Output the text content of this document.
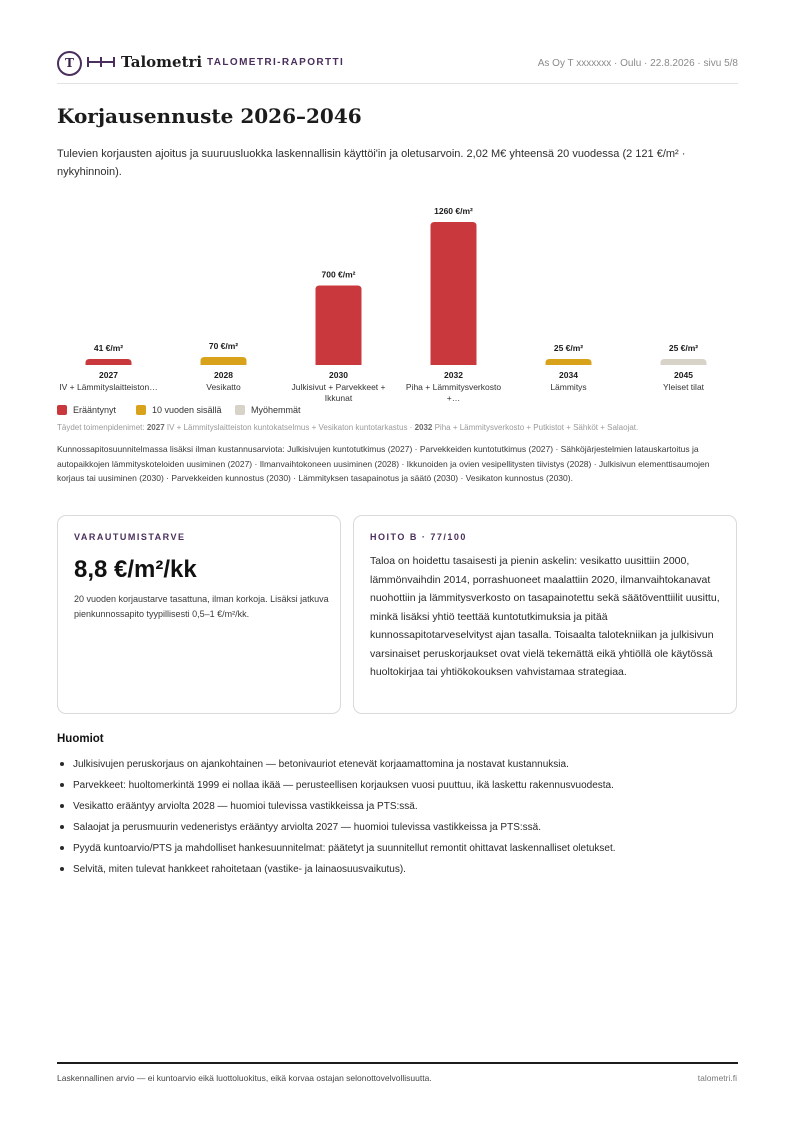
T	Talometri TALOMETRI-RAPORTTI	As Oy T xxxxxxx · Oulu · 22.8.2026 · sivu 5/8
Korjausennuste 2026–2046

Tulevien korjausten ajoitus ja suuruusluokka laskennallisin käyttöi'in ja oletusarvoin. 2,02 M€ yhteensä 20 vuodessa (2 121 €/m² · nykyhinnoin).

41 €/m²
2027
IV + Lämmityslaitteiston…
70 €/m²
2028
Vesikatto
700 €/m²
2030
Julkisivut + Parvekkeet +
Ikkunat
1260 €/m²
2032
Piha + Lämmitysverkosto
+…
25 €/m²
2034
Lämmitys
25 €/m²
2045
Yleiset tilat
Erääntynyt	10 vuoden sisällä	Myöhemmät
Täydet toimenpidenimet: 2027 IV + Lämmityslaitteiston kuntokatselmus + Vesikaton kuntotarkastus · 2032 Piha + Lämmitysverkosto + Putkistot + Sähköt + Salaojat.

Kunnossapitosuunnitelmassa lisäksi ilman kustannusarviota: Julkisivujen kuntotutkimus (2027) · Parvekkeiden kuntotutkimus (2027) · Sähköjärjestelmien latauskartoitus ja autopaikkojen lämmityskoteloiden uusiminen (2027) · Ilmanvaihtokoneen uusiminen (2028) · Ikkunoiden ja ovien vesipellitysten tiivistys (2028) · Julkisivun elementtisaumojen korjaus tai uusiminen (2030) · Parvekkeiden kunnostus (2030) · Lämmityksen tasapainotus ja säätö (2030) · Vesikaton kunnostus (2030).

VARAUTUMISTARVE
8,8 €/m²/kk

20 vuoden korjaustarve tasattuna, ilman korkoja. Lisäksi jatkuva pienkunnossapito tyypillisesti 0,5–1 €/m²/kk.

HOITO B · 77/100

Taloa on hoidettu tasaisesti ja pienin askelin: vesikatto uusittiin 2000, lämmönvaihdin 2014, porrashuoneet maalattiin 2020, ilmanvaihtokanavat nuohottiin ja lämmitysverkosto on tasapainotettu sekä säätöventtiilit uusittu, minkä lisäksi yhtiö teettää kuntotutkimuksia ja pitää kunnossapitotarveselvityst ajan tasalla. Toisaalta talotekniikan ja julkisivun varsinaiset peruskorjaukset ovat vielä tekemättä eikä yhtiöllä ole käytössä huoltokirjaa tai yhtiökokouksen vahvistamaa strategiaa.

Huomiot
Julkisivujen peruskorjaus on ajankohtainen — betonivauriot etenevät korjaamattomina ja nostavat kustannuksia.
Parvekkeet: huoltomerkintä 1999 ei nollaa ikää — perusteellisen korjauksen vuosi puuttuu, ikä laskettu rakennusvuodesta.
Vesikatto erääntyy arviolta 2028 — huomioi tulevissa vastikkeissa ja PTS:ssä.
Salaojat ja perusmuurin vedeneristys erääntyy arviolta 2027 — huomioi tulevissa vastikkeissa ja PTS:ssä.
Pyydä kuntoarvio/PTS ja mahdolliset hankesuunnitelmat: päätetyt ja suunnitellut remontit ohittavat laskennalliset oletukset.
Selvitä, miten tulevat hankkeet rahoitetaan (vastike- ja lainaosuusvaikutus).
Laskennallinen arvio — ei kuntoarvio eikä luottoluokitus, eikä korvaa ostajan selonottovelvollisuutta.	talometri.fi
